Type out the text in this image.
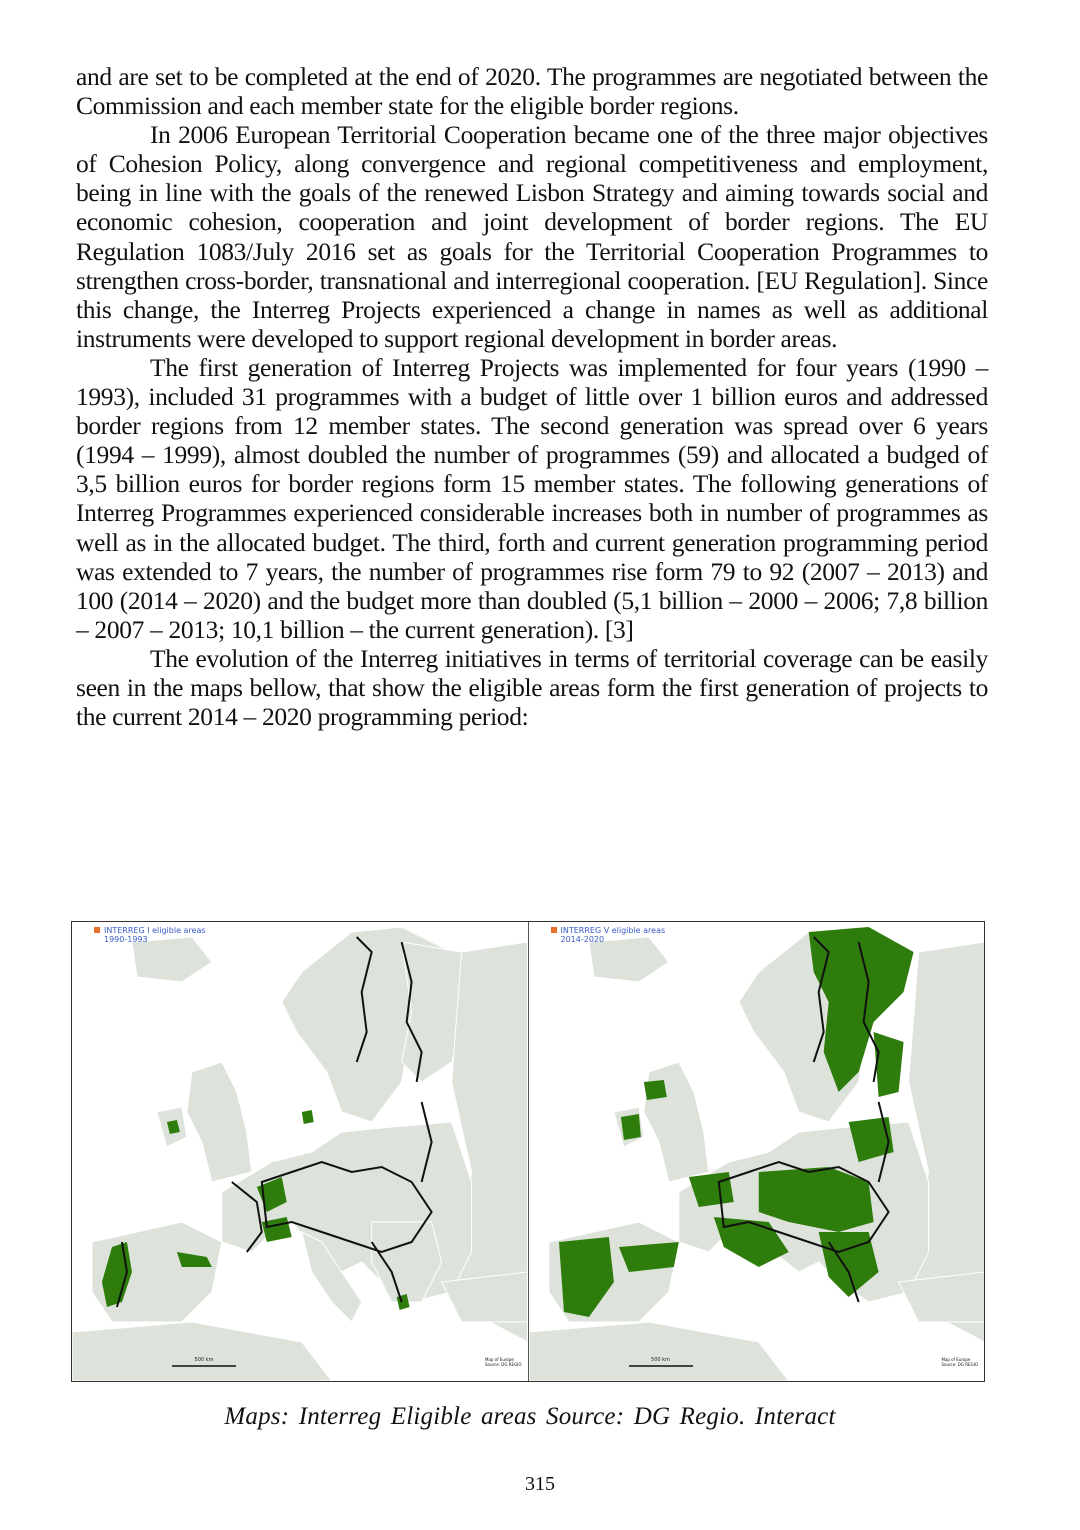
and are set to be completed at the end of 2020. The programmes are negotiated between the Commission and each member state for the eligible border regions.

In 2006 European Territorial Cooperation became one of the three major objectives of Cohesion Policy, along convergence and regional competitiveness and employment, being in line with the goals of the renewed Lisbon Strategy and aiming towards social and economic cohesion, cooperation and joint development of border regions. The EU Regulation 1083/July 2016 set as goals for the Territorial Cooperation Programmes to strengthen cross-border, transnational and interregional cooperation. [EU Regulation]. Since this change, the Interreg Projects experienced a change in names as well as additional instruments were developed to support regional development in border areas.

The first generation of Interreg Projects was implemented for four years (1990 – 1993), included 31 programmes with a budget of little over 1 billion euros and addressed border regions from 12 member states. The second generation was spread over 6 years (1994 – 1999), almost doubled the number of programmes (59) and allocated a budged of 3,5 billion euros for border regions form 15 member states. The following generations of Interreg Programmes experienced considerable increases both in number of programmes as well as in the allocated budget. The third, forth and current generation programming period was extended to 7 years, the number of programmes rise form 79 to 92 (2007 – 2013) and 100 (2014 – 2020) and the budget more than doubled (5,1 billion – 2000 – 2006; 7,8 billion – 2007 – 2013; 10,1 billion – the current generation). [3]

The evolution of the Interreg initiatives in terms of territorial coverage can be easily seen in the maps bellow, that show the eligible areas form the first generation of projects to the current 2014 – 2020 programming period:

INTERREG I eligible areas
1990-1993
500 km	Map of Europe
Source: DG REGIO
INTERREG V eligible areas
2014-2020
500 km	Map of Europe
Source: DG REGIO
Maps: Interreg Eligible areas Source: DG Regio. Interact
315
